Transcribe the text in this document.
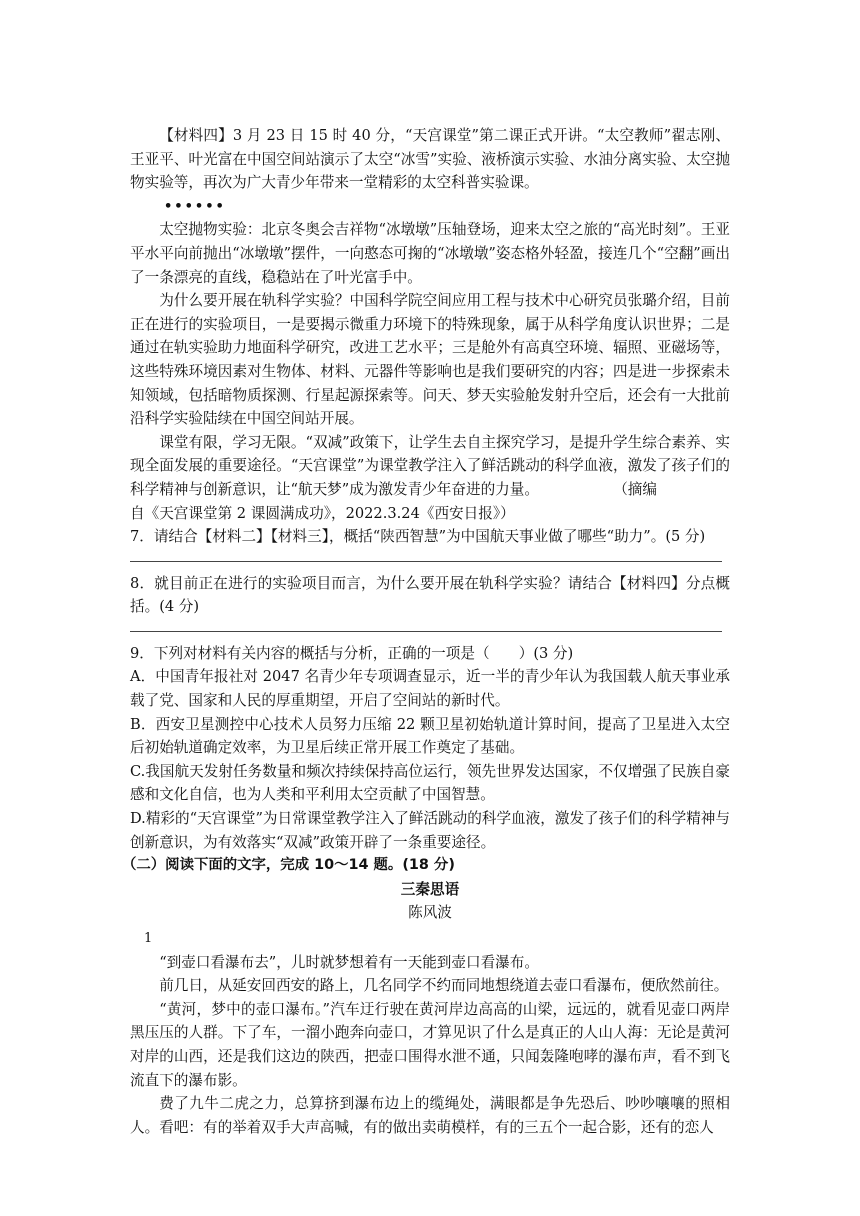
【材料四】3 月 23 日 15 时 40 分，“天宫课堂”第二课正式开讲。“太空教师”翟志刚、王亚平、叶光富在中国空间站演示了太空“冰雪”实验、液桥演示实验、水油分离实验、太空抛物实验等，再次为广大青少年带来一堂精彩的太空科普实验课。

••••••

太空抛物实验：北京冬奥会吉祥物“冰墩墩”压轴登场，迎来太空之旅的“高光时刻”。王亚平水平向前抛出“冰墩墩”摆件，一向憨态可掬的“冰墩墩”姿态格外轻盈，接连几个“空翻”画出了一条漂亮的直线，稳稳站在了叶光富手中。

为什么要开展在轨科学实验？中国科学院空间应用工程与技术中心研究员张璐介绍，目前正在进行的实验项目，一是要揭示微重力环境下的特殊现象，属于从科学角度认识世界；二是通过在轨实验助力地面科学研究，改进工艺水平；三是舱外有高真空环境、辐照、亚磁场等，这些特殊环境因素对生物体、材料、元器件等影响也是我们要研究的内容；四是进一步探索未知领域，包括暗物质探测、行星起源探索等。问天、梦天实验舱发射升空后，还会有一大批前沿科学实验陆续在中国空间站开展。

课堂有限，学习无限。“双减”政策下，让学生去自主探究学习，是提升学生综合素养、实现全面发展的重要途径。“天宫课堂”为课堂教学注入了鲜活跳动的科学血液，激发了孩子们的科学精神与创新意识，让“航天梦”成为激发青少年奋进的力量。	（摘编

自《天宫课堂第 2 课圆满成功》，2022.3.24《西安日报》）

7．请结合【材料二】【材料三】，概括“陕西智慧”为中国航天事业做了哪些“助力”。(5 分)

8．就目前正在进行的实验项目而言，为什么要开展在轨科学实验？请结合【材料四】分点概括。(4 分)

9．下列对材料有关内容的概括与分析，正确的一项是（　　）(3 分)

A．中国青年报社对 2047 名青少年专项调查显示，近一半的青少年认为我国载人航天事业承载了党、国家和人民的厚重期望，开启了空间站的新时代。

B．西安卫星测控中心技术人员努力压缩 22 颗卫星初始轨道计算时间，提高了卫星进入太空后初始轨道确定效率，为卫星后续正常开展工作奠定了基础。

C.我国航天发射任务数量和频次持续保持高位运行，领先世界发达国家，不仅增强了民族自豪感和文化自信，也为人类和平利用太空贡献了中国智慧。

D.精彩的“天宫课堂”为日常课堂教学注入了鲜活跳动的科学血液，激发了孩子们的科学精神与创新意识，为有效落实“双减”政策开辟了一条重要途径。

（二）阅读下面的文字，完成 10～14 题。(18 分)

三秦思语

陈风波

1

“到壶口看瀑布去”，儿时就梦想着有一天能到壶口看瀑布。

前几日，从延安回西安的路上，几名同学不约而同地想绕道去壶口看瀑布，便欣然前往。

“黄河，梦中的壶口瀑布。”汽车迂行驶在黄河岸边高高的山梁，远远的，就看见壶口两岸黑压压的人群。下了车，一溜小跑奔向壶口，才算见识了什么是真正的人山人海：无论是黄河对岸的山西，还是我们这边的陕西，把壶口围得水泄不通，只闻轰隆咆哮的瀑布声，看不到飞流直下的瀑布影。

费了九牛二虎之力，总算挤到瀑布边上的缆绳处，满眼都是争先恐后、吵吵嚷嚷的照相人。看吧：有的举着双手大声高喊，有的做出卖萌模样，有的三五个一起合影，还有的恋人
